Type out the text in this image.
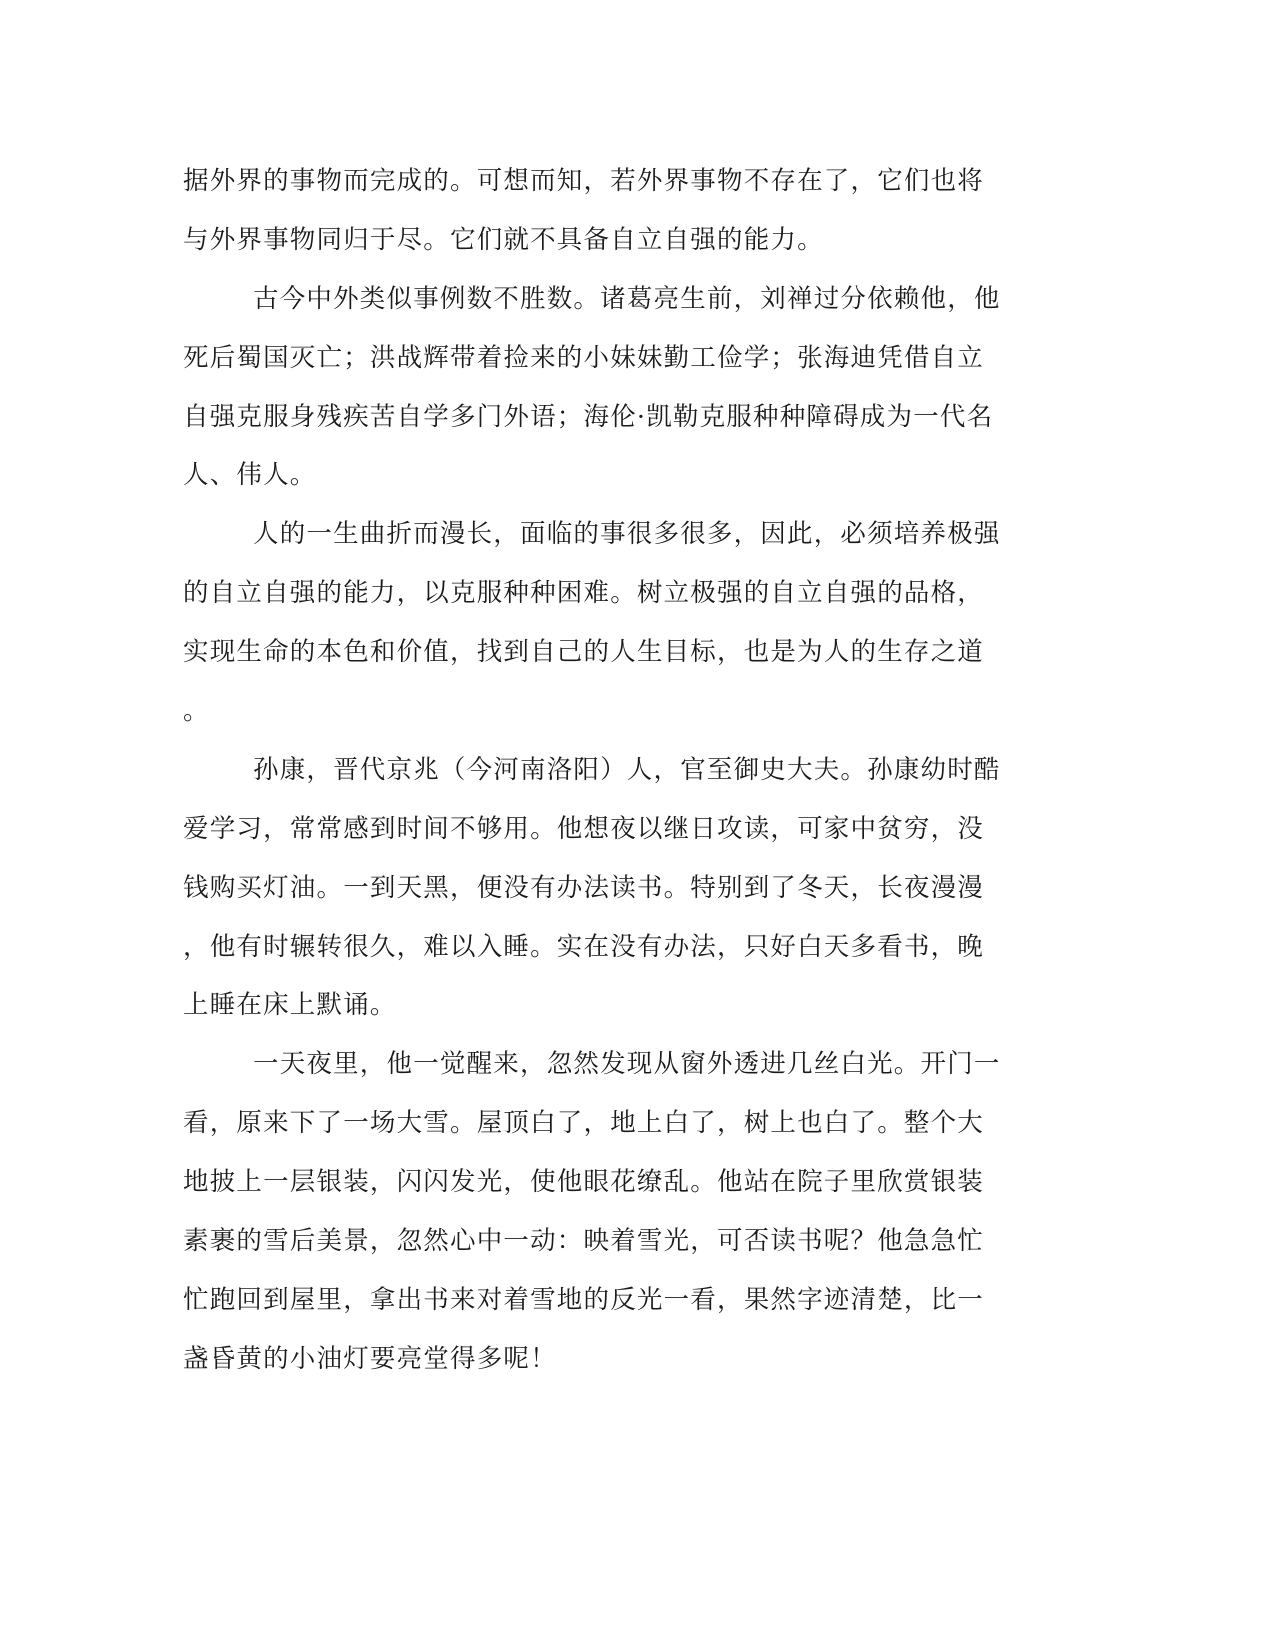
据外界的事物而完成的。可想而知，若外界事物不存在了，它们也将
与外界事物同归于尽。它们就不具备自立自强的能力。
古今中外类似事例数不胜数。诸葛亮生前，刘禅过分依赖他，他
死后蜀国灭亡；洪战辉带着捡来的小妹妹勤工俭学；张海迪凭借自立
自强克服身残疾苦自学多门外语；海伦·凯勒克服种种障碍成为一代名
人、伟人。
人的一生曲折而漫长，面临的事很多很多，因此，必须培养极强
的自立自强的能力，以克服种种困难。树立极强的自立自强的品格，
实现生命的本色和价值，找到自己的人生目标，也是为人的生存之道
。
孙康，晋代京兆（今河南洛阳）人，官至御史大夫。孙康幼时酷
爱学习，常常感到时间不够用。他想夜以继日攻读，可家中贫穷，没
钱购买灯油。一到天黑，便没有办法读书。特别到了冬天，长夜漫漫
，他有时辗转很久，难以入睡。实在没有办法，只好白天多看书，晚
上睡在床上默诵。
一天夜里，他一觉醒来，忽然发现从窗外透进几丝白光。开门一
看，原来下了一场大雪。屋顶白了，地上白了，树上也白了。整个大
地披上一层银装，闪闪发光，使他眼花缭乱。他站在院子里欣赏银装
素裹的雪后美景，忽然心中一动：映着雪光，可否读书呢？他急急忙
忙跑回到屋里，拿出书来对着雪地的反光一看，果然字迹清楚，比一
盏昏黄的小油灯要亮堂得多呢！
